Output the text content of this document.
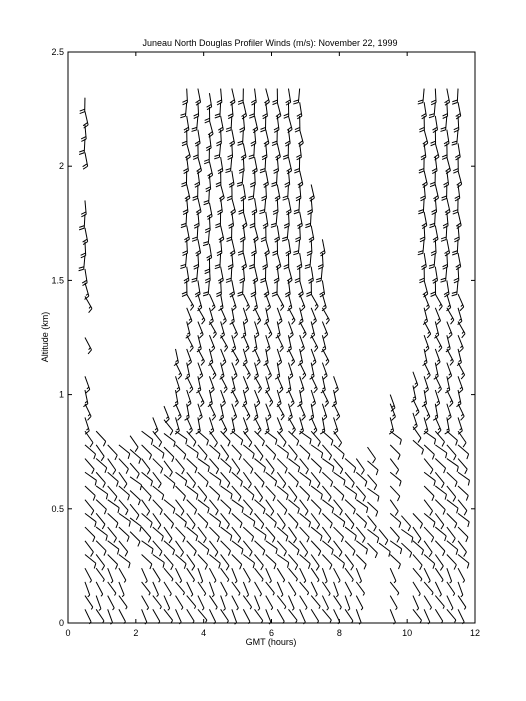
Juneau North Douglas Profiler Winds (m/s): November 22, 1999
0	2	4	6	8	10	12
0
0.5
1
1.5
2
2.5
GMT (hours)
Altitude (km)
